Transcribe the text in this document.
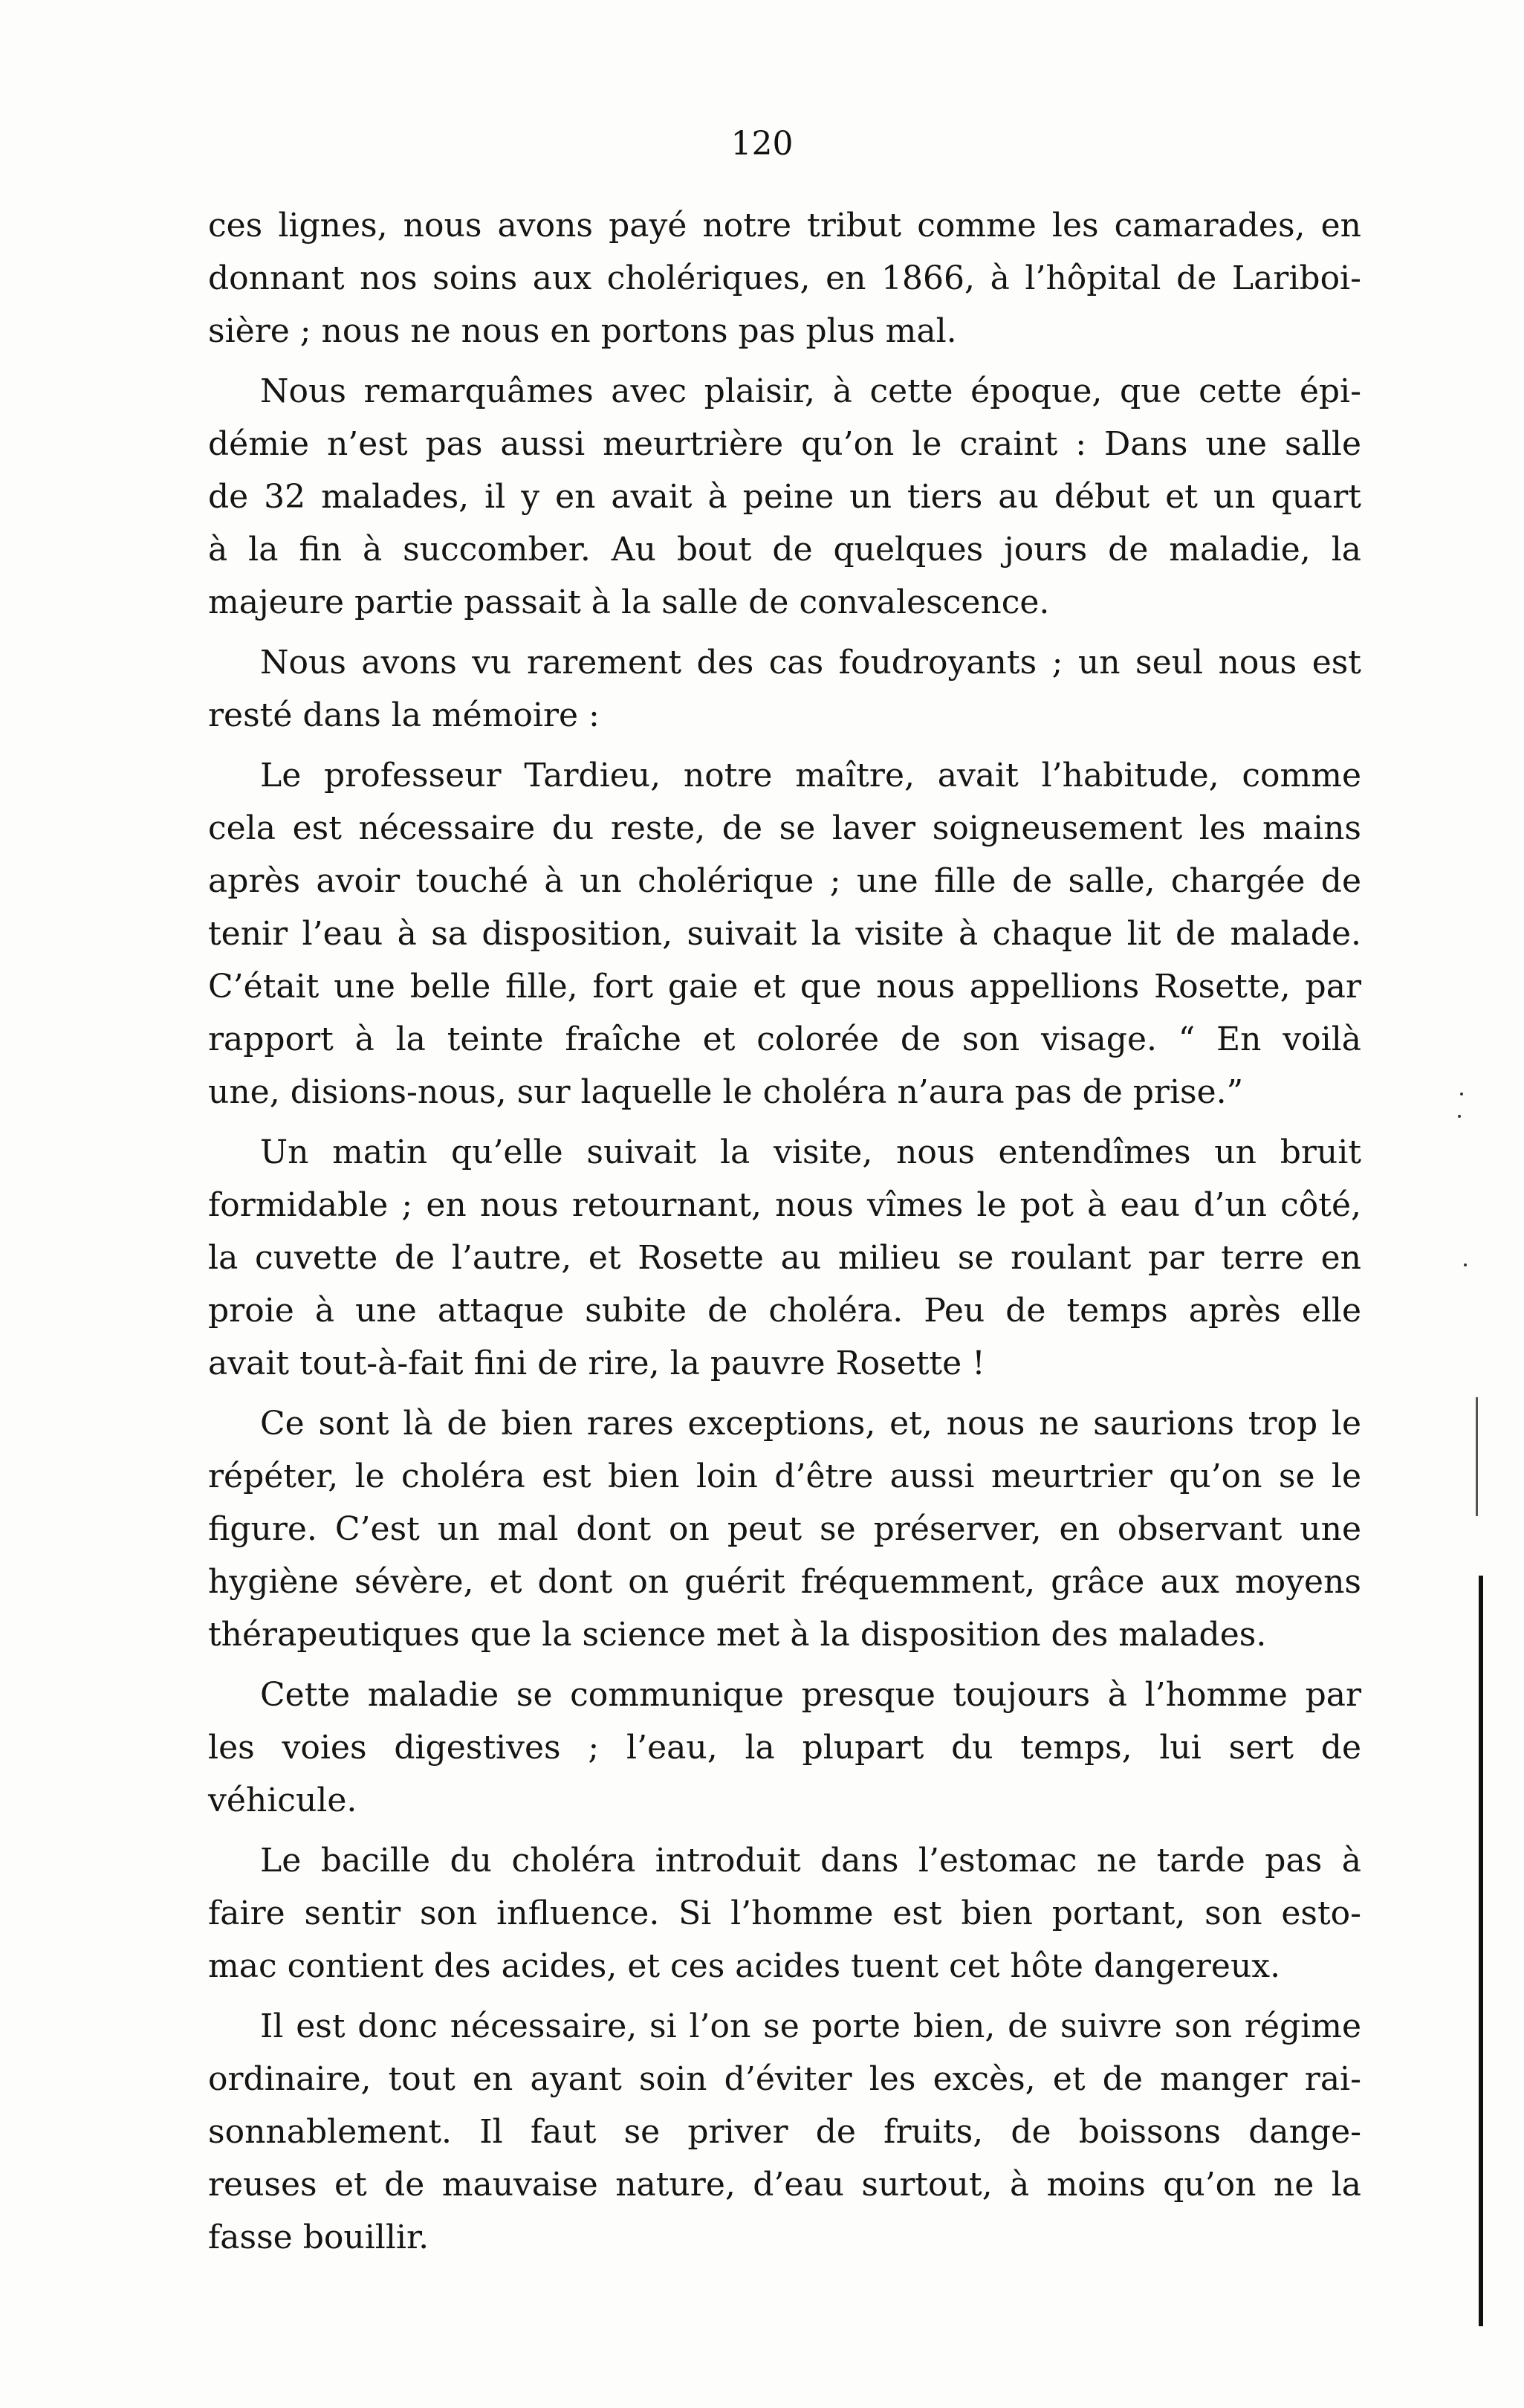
120
ces lignes, nous avons payé notre tribut comme les camarades, en
donnant nos soins aux cholériques, en 1866, à l’hôpital de Lariboi-
sière ; nous ne nous en portons pas plus mal.
Nous remarquâmes avec plaisir, à cette époque, que cette épi-
démie n’est pas aussi meurtrière qu’on le craint : Dans une salle
de 32 malades, il y en avait à peine un tiers au début et un quart
à la fin à succomber. Au bout de quelques jours de maladie, la
majeure partie passait à la salle de convalescence.
Nous avons vu rarement des cas foudroyants ; un seul nous est
resté dans la mémoire :
Le professeur Tardieu, notre maître, avait l’habitude, comme
cela est nécessaire du reste, de se laver soigneusement les mains
après avoir touché à un cholérique ; une fille de salle, chargée de
tenir l’eau à sa disposition, suivait la visite à chaque lit de malade.
C’était une belle fille, fort gaie et que nous appellions Rosette, par
rapport à la teinte fraîche et colorée de son visage. “ En voilà
une, disions-nous, sur laquelle le choléra n’aura pas de prise.”
Un matin qu’elle suivait la visite, nous entendîmes un bruit
formidable ; en nous retournant, nous vîmes le pot à eau d’un côté,
la cuvette de l’autre, et Rosette au milieu se roulant par terre en
proie à une attaque subite de choléra. Peu de temps après elle
avait tout-à-fait fini de rire, la pauvre Rosette !
Ce sont là de bien rares exceptions, et, nous ne saurions trop le
répéter, le choléra est bien loin d’être aussi meurtrier qu’on se le
figure. C’est un mal dont on peut se préserver, en observant une
hygiène sévère, et dont on guérit fréquemment, grâce aux moyens
thérapeutiques que la science met à la disposition des malades.
Cette maladie se communique presque toujours à l’homme par
les voies digestives ; l’eau, la plupart du temps, lui sert de
véhicule.
Le bacille du choléra introduit dans l’estomac ne tarde pas à
faire sentir son influence. Si l’homme est bien portant, son esto-
mac contient des acides, et ces acides tuent cet hôte dangereux.
Il est donc nécessaire, si l’on se porte bien, de suivre son régime
ordinaire, tout en ayant soin d’éviter les excès, et de manger rai-
sonnablement. Il faut se priver de fruits, de boissons dange-
reuses et de mauvaise nature, d’eau surtout, à moins qu’on ne la
fasse bouillir.
